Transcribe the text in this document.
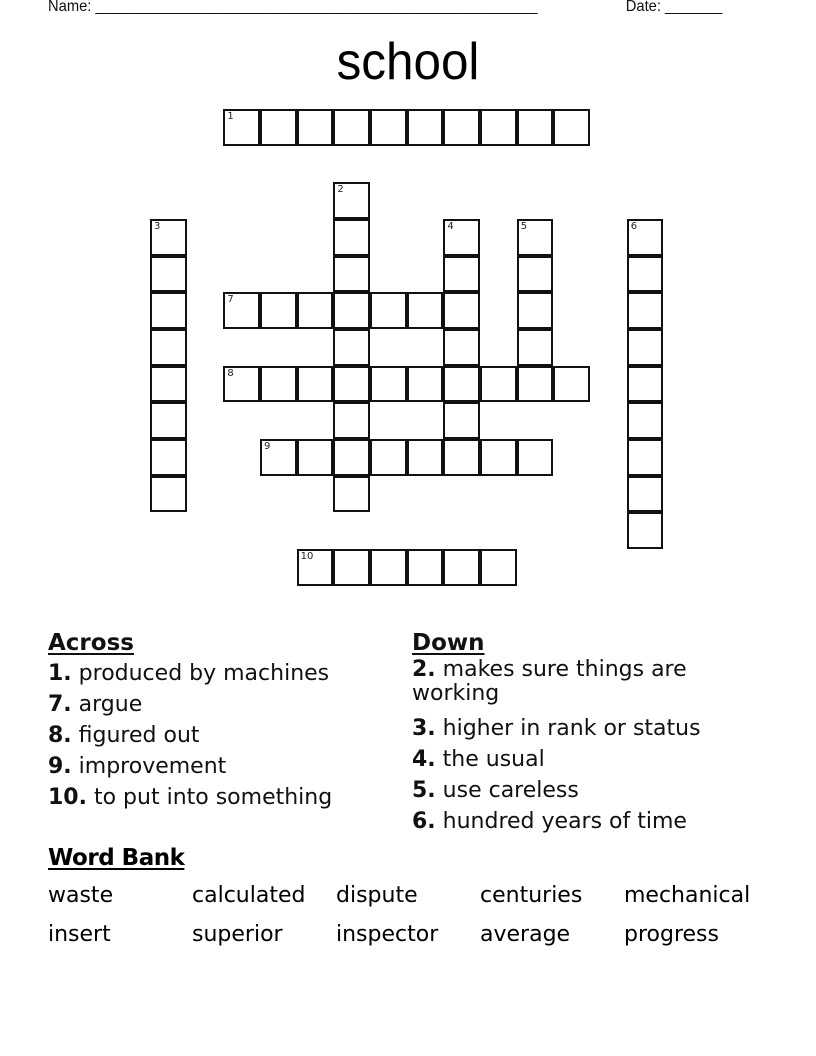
Name: ______________________________________________________	Date: _______
school
1
2
3	4	5	6
7
8
9
10
Across
1. produced by machines
7. argue
8. figured out
9. improvement
10. to put into something
Down
2. makes sure things are working
3. higher in rank or status
4. the usual
5. use careless
6. hundred years of time
Word Bank
waste	calculated	dispute	centuries	mechanical
insert	superior	inspector	average	progress
